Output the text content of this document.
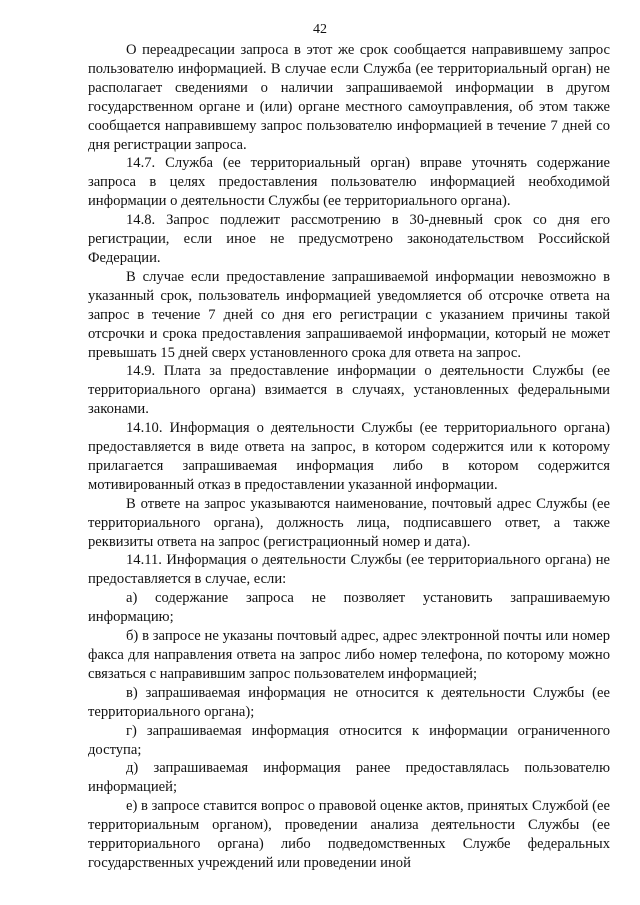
42

О переадресации запроса в этот же срок сообщается направившему запрос пользователю информацией. В случае если Служба (ее территориальный орган) не располагает сведениями о наличии запрашиваемой информации в другом государственном органе и (или) органе местного самоуправления, об этом также сообщается направившему запрос пользователю информацией в течение 7 дней со дня регистрации запроса.

14.7. Служба (ее территориальный орган) вправе уточнять содержание запроса в целях предоставления пользователю информацией необходимой информации о деятельности Службы (ее территориального органа).

14.8. Запрос подлежит рассмотрению в 30-дневный срок со дня его регистрации, если иное не предусмотрено законодательством Российской Федерации.

В случае если предоставление запрашиваемой информации невозможно в указанный срок, пользователь информацией уведомляется об отсрочке ответа на запрос в течение 7 дней со дня его регистрации с указанием причины такой отсрочки и срока предоставления запрашиваемой информации, который не может превышать 15 дней сверх установленного срока для ответа на запрос.

14.9. Плата за предоставление информации о деятельности Службы (ее территориального органа) взимается в случаях, установленных федеральными законами.

14.10. Информация о деятельности Службы (ее территориального органа) предоставляется в виде ответа на запрос, в котором содержится или к которому прилагается запрашиваемая информация либо в котором содержится мотивированный отказ в предоставлении указанной информации.

В ответе на запрос указываются наименование, почтовый адрес Службы (ее территориального органа), должность лица, подписавшего ответ, а также реквизиты ответа на запрос (регистрационный номер и дата).

14.11. Информация о деятельности Службы (ее территориального органа) не предоставляется в случае, если:

а) содержание запроса не позволяет установить запрашиваемую информацию;

б) в запросе не указаны почтовый адрес, адрес электронной почты или номер факса для направления ответа на запрос либо номер телефона, по которому можно связаться с направившим запрос пользователем информацией;

в) запрашиваемая информация не относится к деятельности Службы (ее территориального органа);

г) запрашиваемая информация относится к информации ограниченного доступа;

д) запрашиваемая информация ранее предоставлялась пользователю информацией;

е) в запросе ставится вопрос о правовой оценке актов, принятых Службой (ее территориальным органом), проведении анализа деятельности Службы (ее территориального органа) либо подведомственных Службе федеральных государственных учреждений или проведении иной
